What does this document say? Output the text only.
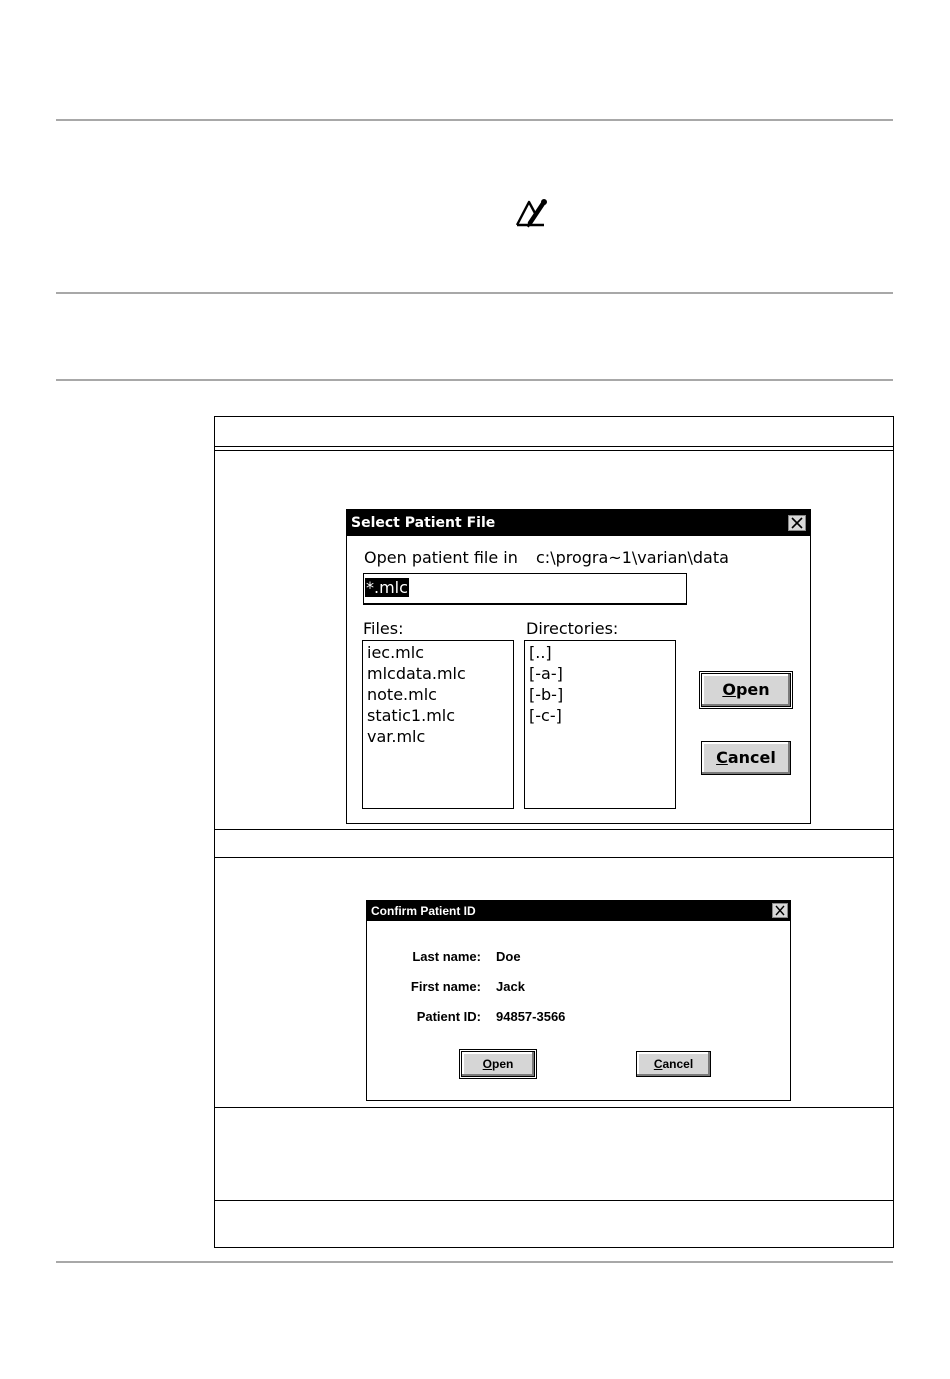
Select Patient File
Open patient file in c:\progra~1\varian\data
*.mlc
Files:	Directories:
iec.mlc
mlcdata.mlc
note.mlc
static1.mlc
var.mlc
[..]
[-a-]
[-b-]
[-c-]
Open
Cancel
Confirm Patient ID
Last name: Doe
First name: Jack
Patient ID: 94857-3566
Open	Cancel
